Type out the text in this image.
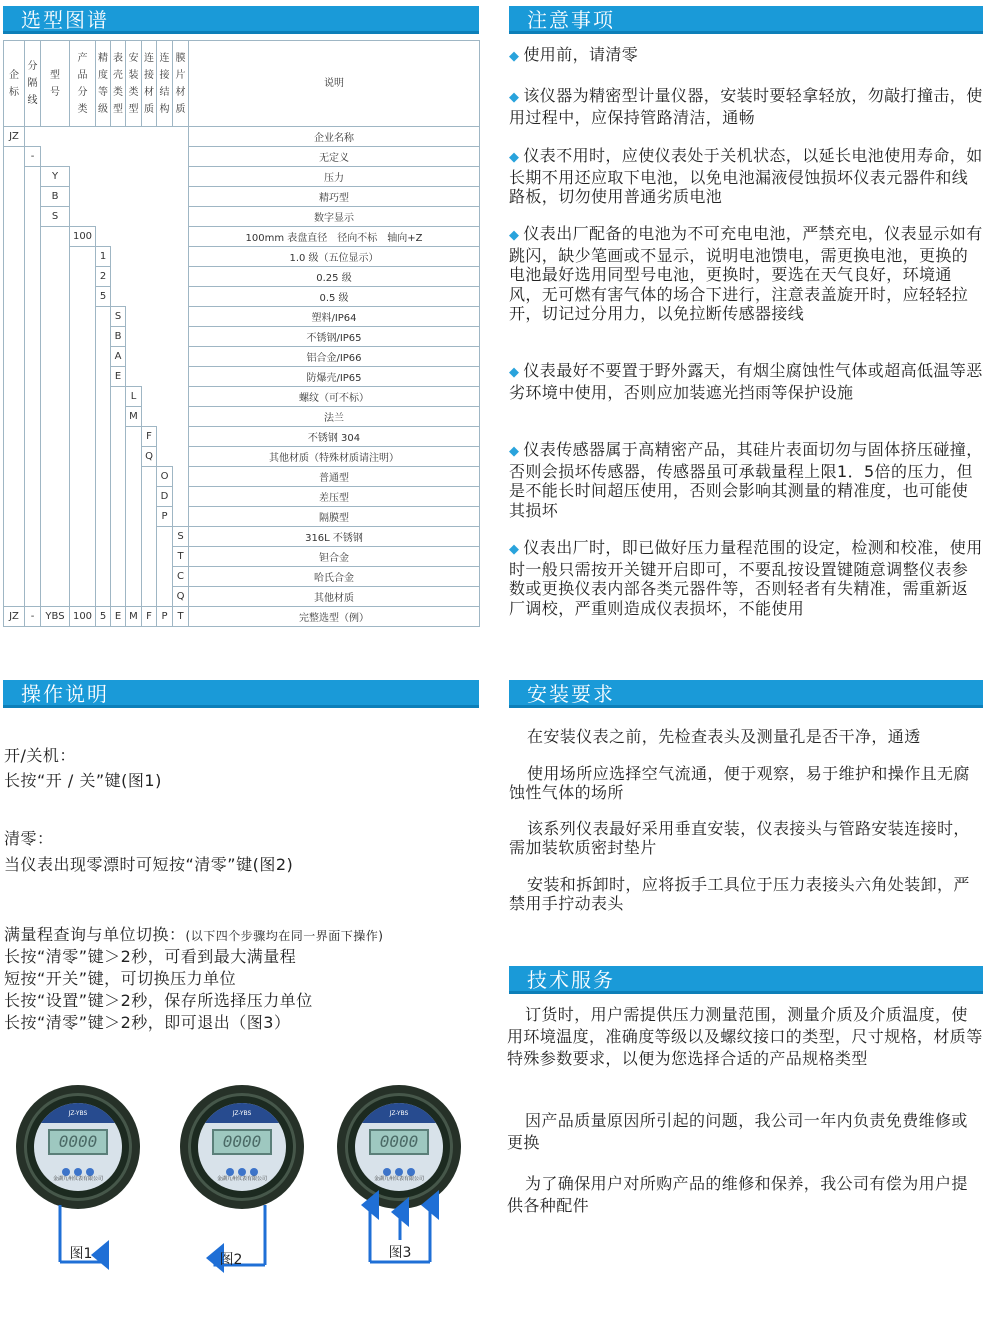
选型图谱	注意事项
操作说明	安装要求
技术服务
企标	分隔线	型号	产品分类	精度等级	表壳类型	安装类型	连接材质	连接结构	膜片材质	说明

JZ										企业名称
	-									无定义
		Y								压力
		B								精巧型
		S								数字显示
			100							100mm 表盘直径　径向不标　轴向+Z
				1						1.0 级（五位显示）
				2						0.25 级
				5						0.5 级
					S					塑料/IP64
					B					不锈钢/IP65
					A					铝合金/IP66
					E					防爆壳/IP65
						L				螺纹（可不标）
						M				法兰
							F			不锈钢 304
							Q			其他材质（特殊材质请注明）
								O		普通型
								D		差压型
								P		隔膜型
									S	316L 不锈钢
									T	钽合金
									C	哈氏合金
									Q	其他材质
JZ	-	YBS	100	5	E	M	F	P	T	完整选型（例）
◆ 使用前，请清零
◆ 该仪器为精密型计量仪器，安装时要轻拿轻放，勿敲打撞击，使用过程中，应保持管路清洁，通畅
◆ 仪表不用时，应使仪表处于关机状态，以延长电池使用寿命，如长期不用还应取下电池，以免电池漏液侵蚀损坏仪表元器件和线路板，切勿使用普通劣质电池
◆ 仪表出厂配备的电池为不可充电电池，严禁充电，仪表显示如有跳闪，缺少笔画或不显示，说明电池馈电，需更换电池，更换的电池最好选用同型号电池，更换时，要选在天气良好，环境通风，无可燃有害气体的场合下进行，注意表盖旋开时，应轻轻拉开，切记过分用力，以免拉断传感器接线
◆ 仪表最好不要置于野外露天，有烟尘腐蚀性气体或超高低温等恶劣环境中使用，否则应加装遮光挡雨等保护设施
◆ 仪表传感器属于高精密产品，其硅片表面切勿与固体挤压碰撞， 否则会损坏传感器，传感器虽可承载量程上限1．5倍的压力，但是不能长时间超压使用，否则会影响其测量的精准度，也可能使其损坏
◆ 仪表出厂时，即已做好压力量程范围的设定，检测和校准，使用时一般只需按开关键开启即可，不要乱按设置键随意调整仪表参数或更换仪表内部各类元器件等，否则轻者有失精准，需重新返厂调校，严重则造成仪表损坏，不能使用
开/关机：
长按“开 / 关”键(图1)
清零：
当仪表出现零漂时可短按“清零”键(图2)
满量程查询与单位切换：(以下四个步骤均在同一界面下操作)
长按“清零”键＞2秒，可看到最大满量程
短按“开关”键，可切换压力单位
长按“设置”键＞2秒，保存所选择压力单位
长按“清零”键＞2秒，即可退出（图3）
在安装仪表之前，先检查表头及测量孔是否干净，通透
使用场所应选择空气流通，便于观察，易于维护和操作且无腐蚀性气体的场所
该系列仪表最好采用垂直安装，仪表接头与管路安装连接时，需加装软质密封垫片
安装和拆卸时，应将扳手工具位于压力表接头六角处装卸，严禁用手拧动表头
订货时，用户需提供压力测量范围，测量介质及介质温度，使用环境温度，准确度等级以及螺纹接口的类型，尺寸规格，材质等特殊参数要求，以便为您选择合适的产品规格类型
因产品质量原因所引起的问题，我公司一年内负责免费维修或更换
为了确保用户对所购产品的维修和保养，我公司有偿为用户提供各种配件
JZ-YBS
0000
金湖九州仪表有限公司
JZ-YBS
0000
金湖九州仪表有限公司
JZ-YBS
0000
金湖九州仪表有限公司
图1	图2	图3
